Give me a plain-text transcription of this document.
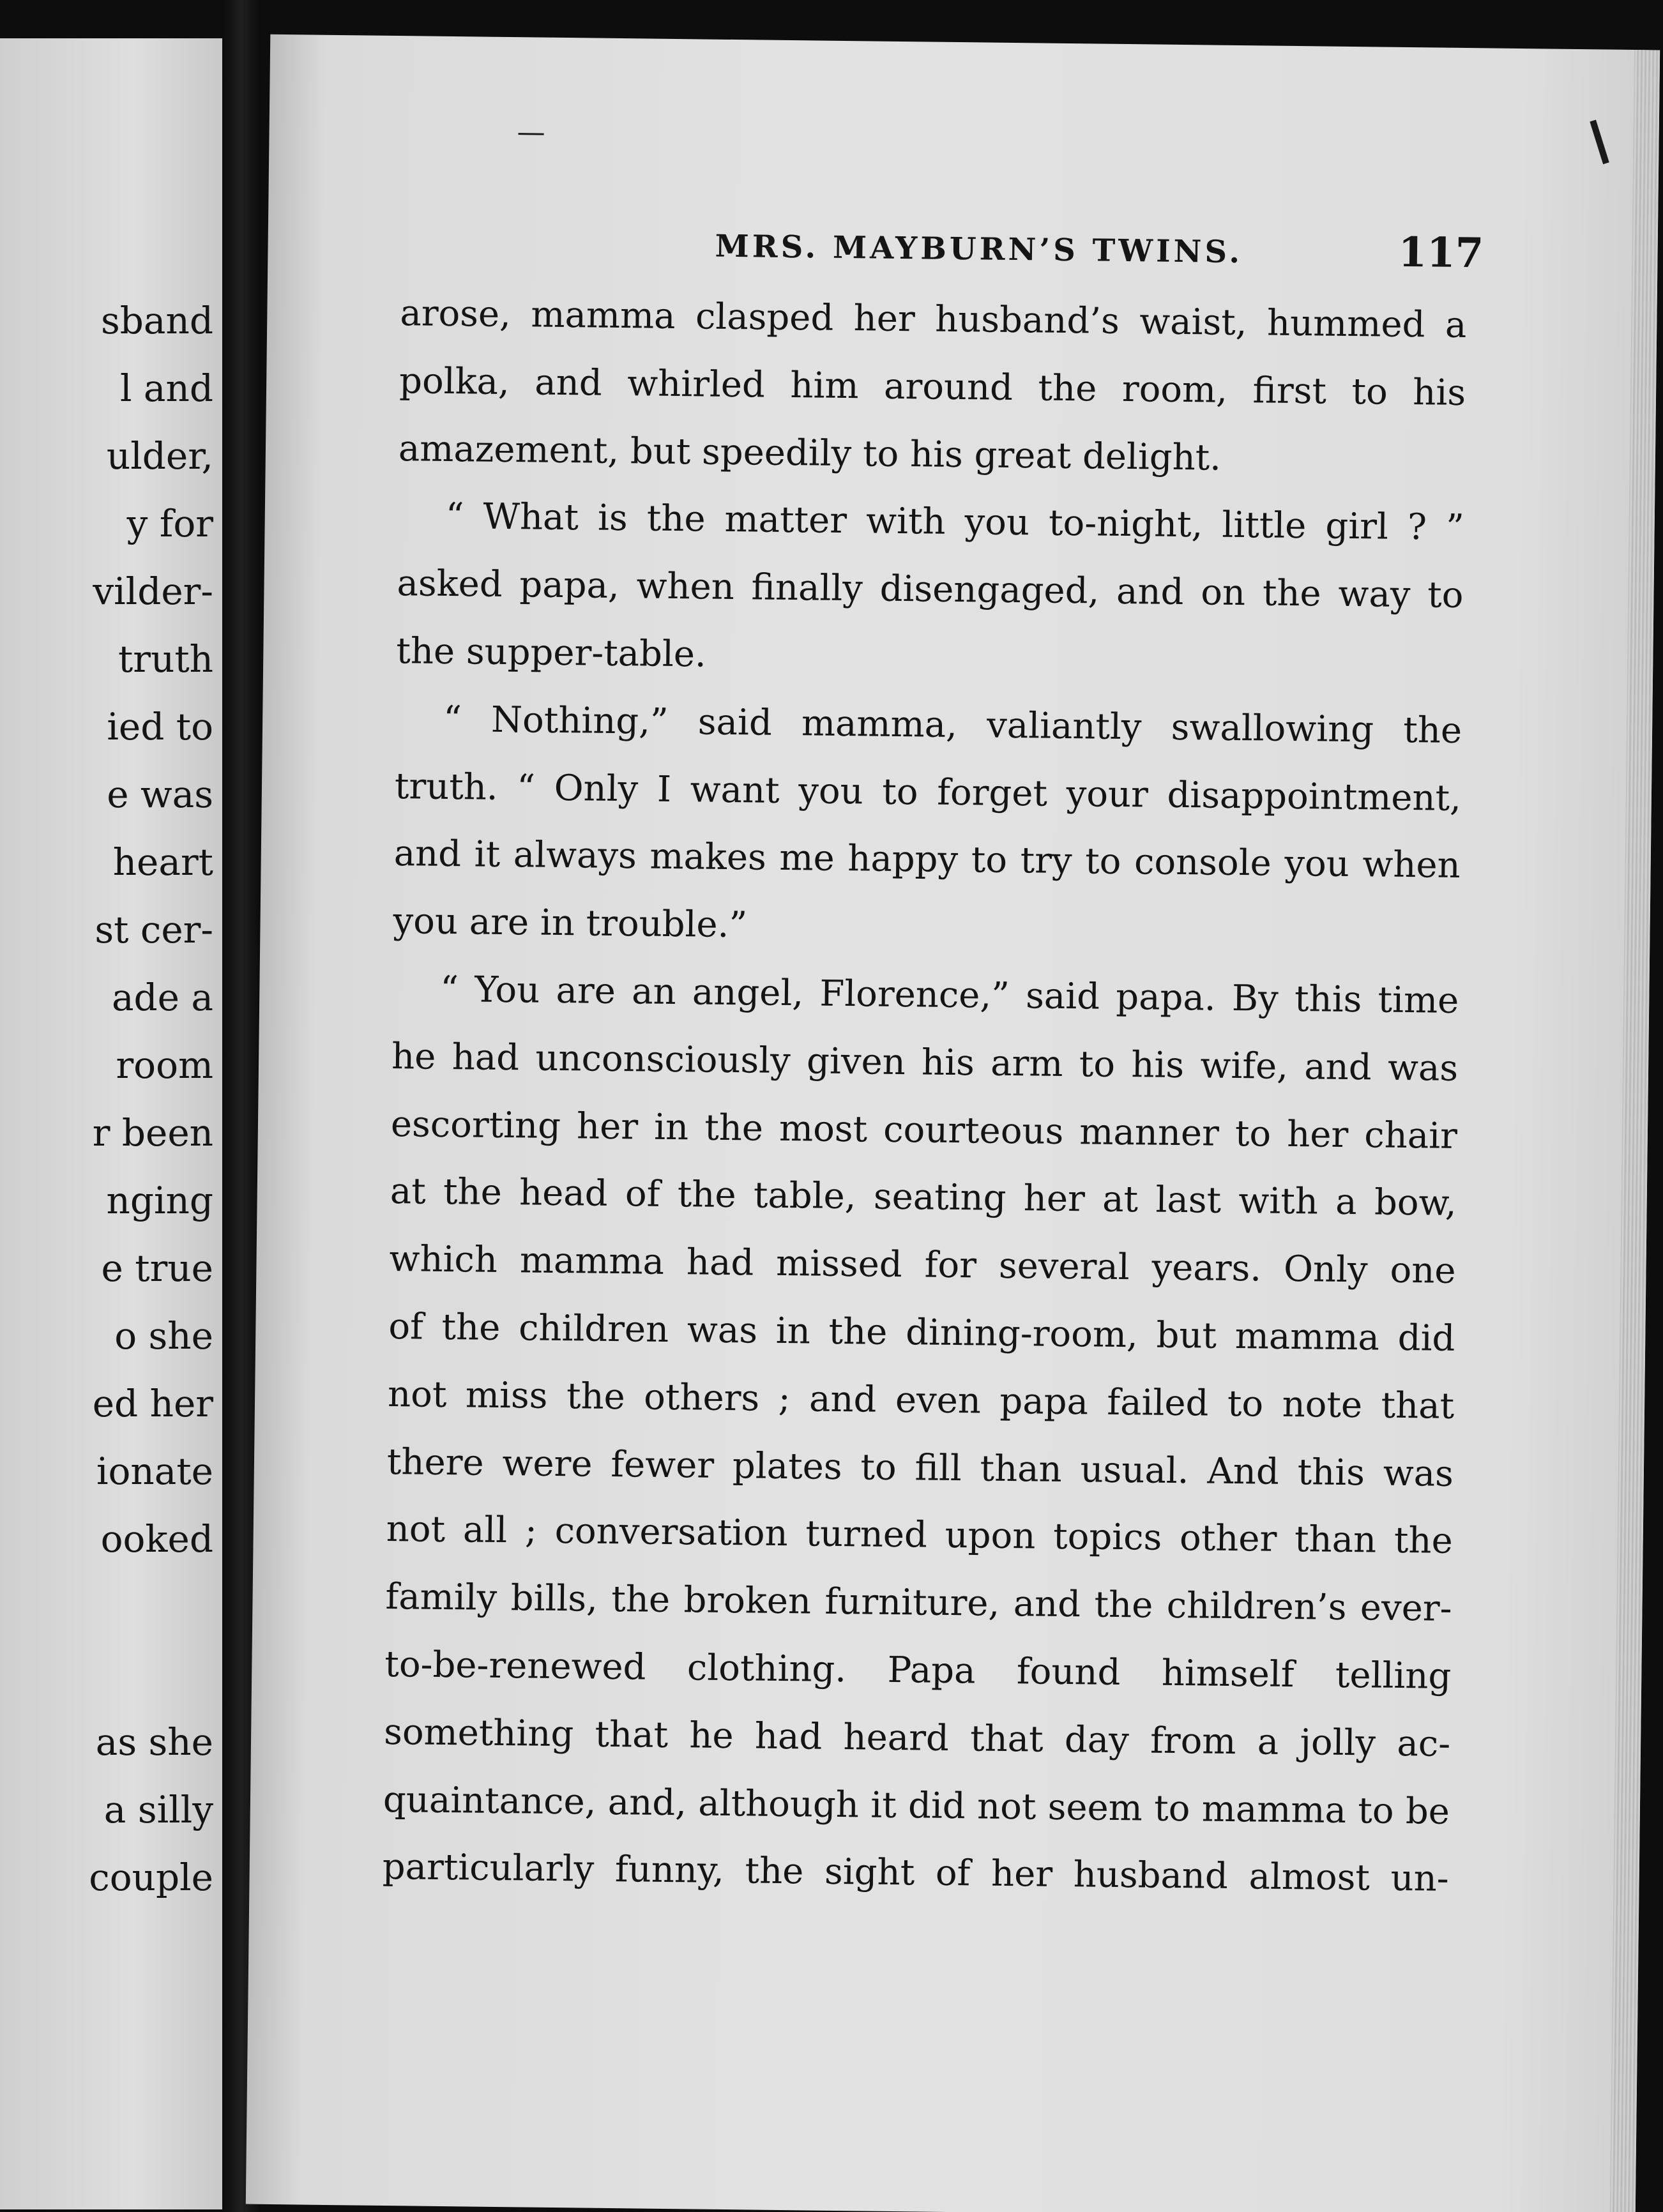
sband
l and
ulder,
y for
vilder-
truth
ied to
e was
heart
st cer-
ade a
room
r been
nging
e true
o she
ed her
ionate
ooked
as she
a silly
couple
MRS. MAYBURN’S TWINS.	117
arose, mamma clasped her husband’s waist, hummed a
polka, and whirled him around the room, first to his
amazement, but speedily to his great delight.
“ What is the matter with you to-night, little girl ? ”
asked papa, when finally disengaged, and on the way to
the supper-table.
“ Nothing,” said mamma, valiantly swallowing the
truth. “ Only I want you to forget your disappointment,
and it always makes me happy to try to console you when
you are in trouble.”
“ You are an angel, Florence,” said papa. By this time
he had unconsciously given his arm to his wife, and was
escorting her in the most courteous manner to her chair
at the head of the table, seating her at last with a bow,
which mamma had missed for several years. Only one
of the children was in the dining-room, but mamma did
not miss the others ; and even papa failed to note that
there were fewer plates to fill than usual. And this was
not all ; conversation turned upon topics other than the
family bills, the broken furniture, and the children’s ever-
to-be-renewed clothing. Papa found himself telling
something that he had heard that day from a jolly ac-
quaintance, and, although it did not seem to mamma to be
particularly funny, the sight of her husband almost un-
